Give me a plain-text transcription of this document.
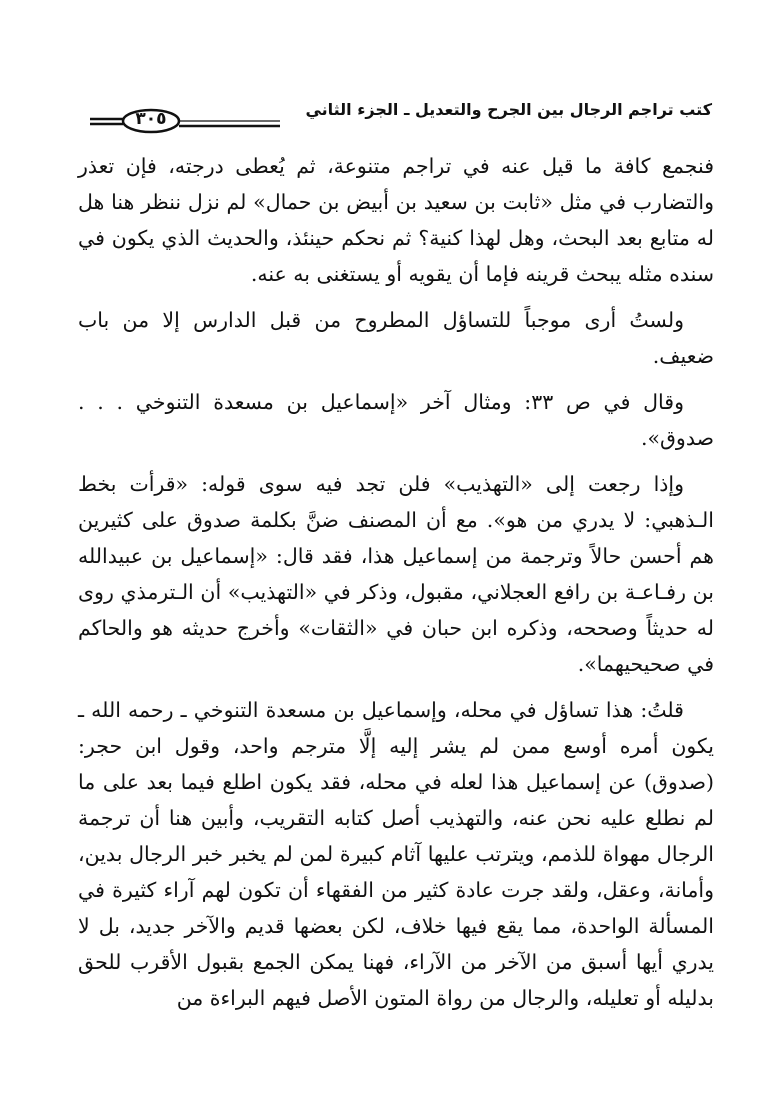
كتب تراجم الرجال بين الجرح والتعديل ـ الجزء الثاني
٣٠٥

فنجمع كافة ما قيل عنه في تراجم متنوعة، ثم يُعطى درجته، فإن تعذر والتضارب في مثل «ثابت بن سعيد بن أبيض بن حمال» لم نزل ننظر هنا هل له متابع بعد البحث، وهل لهذا كنية؟ ثم نحكم حينئذ، والحديث الذي يكون في سنده مثله يبحث قرينه فإما أن يقويه أو يستغنى به عنه.

ولستُ أرى موجباً للتساؤل المطروح من قبل الدارس إلا من باب ضعيف.

وقال في ص ٣٣: ومثال آخر «إسماعيل بن مسعدة التنوخي . . . صدوق».

وإذا رجعت إلى «التهذيب» فلن تجد فيه سوى قوله: «قرأت بخط الـذهبي: لا يدري من هو». مع أن المصنف ضنَّ بكلمة صدوق على كثيرين هم أحسن حالاً وترجمة من إسماعيل هذا، فقد قال: «إسماعيل بن عبيدالله بن رفـاعـة بن رافع العجلاني، مقبول، وذكر في «التهذيب» أن الـترمذي روى له حديثاً وصححه، وذكره ابن حبان في «الثقات» وأخرج حديثه هو والحاكم في صحيحيهما».

قلتُ: هذا تساؤل في محله، وإسماعيل بن مسعدة التنوخي ـ رحمه الله ـ يكون أمره أوسع ممن لم يشر إليه إلَّا مترجم واحد، وقول ابن حجر: (صدوق) عن إسماعيل هذا لعله في محله، فقد يكون اطلع فيما بعد على ما لم نطلع عليه نحن عنه، والتهذيب أصل كتابه التقريب، وأبين هنا أن ترجمة الرجال مهواة للذمم، ويترتب عليها آثام كبيرة لمن لم يخبر خبر الرجال بدين، وأمانة، وعقل، ولقد جرت عادة كثير من الفقهاء أن تكون لهم آراء كثيرة في المسألة الواحدة، مما يقع فيها خلاف، لكن بعضها قديم والآخر جديد، بل لا يدري أيها أسبق من الآخر من الآراء، فهنا يمكن الجمع بقبول الأقرب للحق بدليله أو تعليله، والرجال من رواة المتون الأصل فيهم البراءة من
